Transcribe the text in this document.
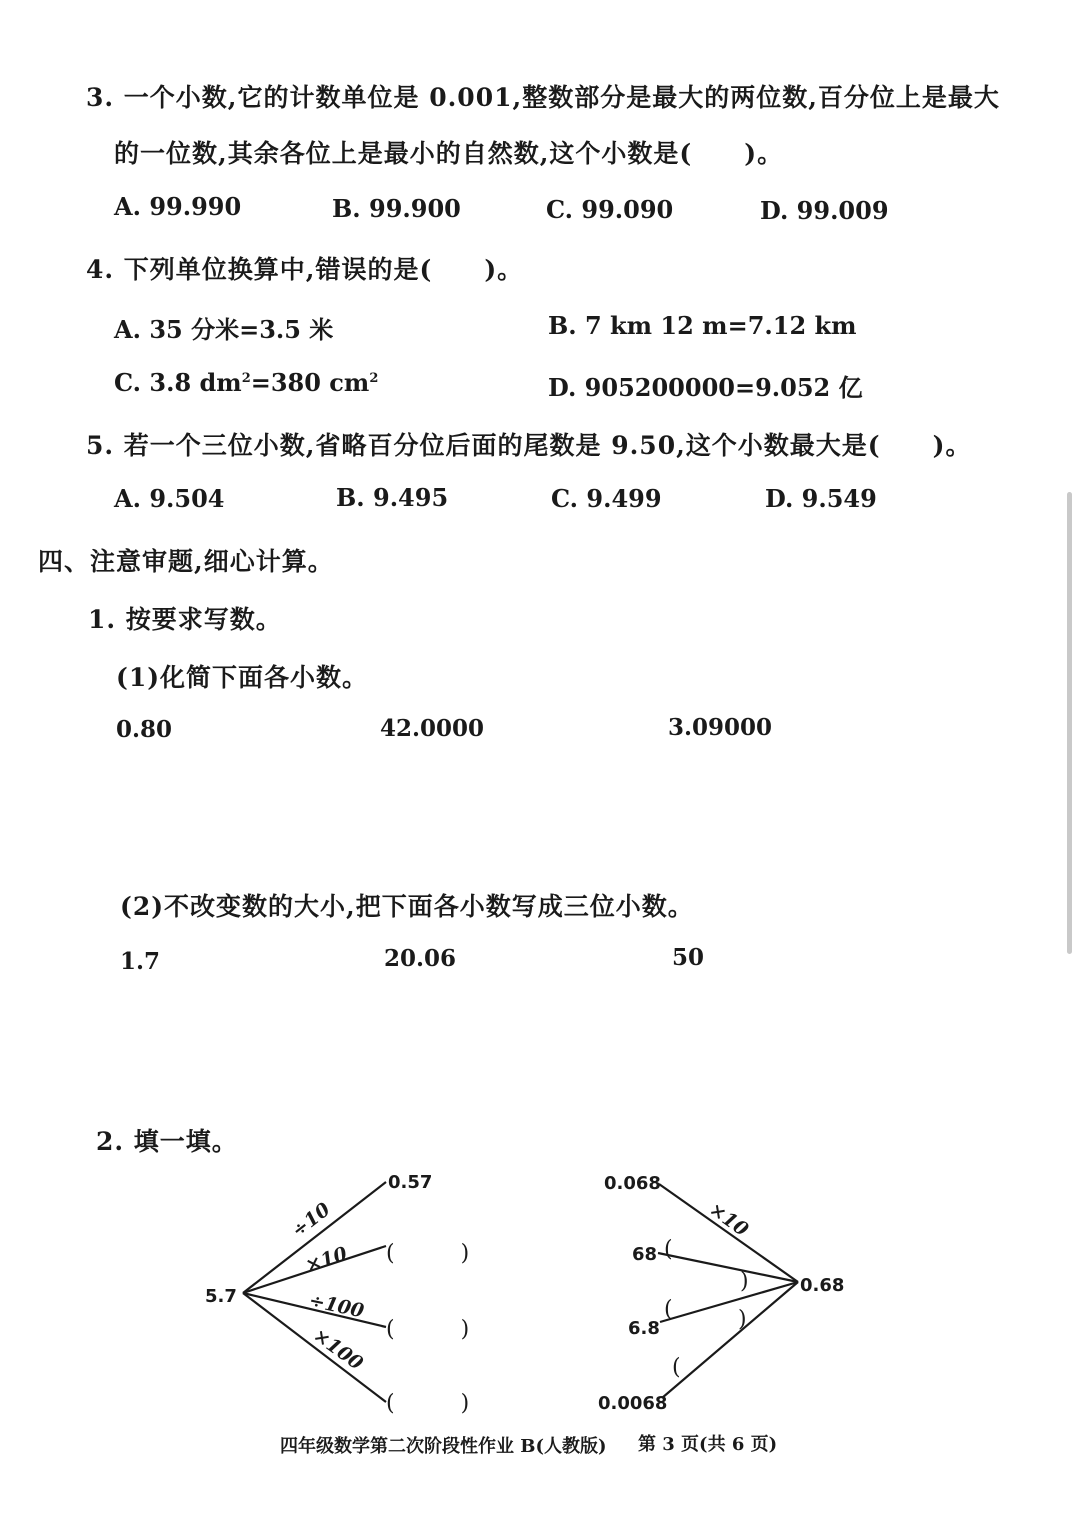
3. 一个小数,它的计数单位是 0.001,整数部分是最大的两位数,百分位上是最大
的一位数,其余各位上是最小的自然数,这个小数是(　　)。
A. 99.990	B. 99.900	C. 99.090	D. 99.009
4. 下列单位换算中,错误的是(　　)。
A. 35 分米=3.5 米	B. 7 km 12 m=7.12 km
C. 3.8 $dm^2=380$ $cm^2$	D. 905200000=9.052 亿
5. 若一个三位小数,省略百分位后面的尾数是 9.50,这个小数最大是(　　)。
A. 9.504	B. 9.495	C. 9.499	D. 9.549
四、注意审题,细心计算。
1. 按要求写数。
(1)化简下面各小数。
0.80	42.0000	3.09000
(2)不改变数的大小,把下面各小数写成三位小数。
1.7	20.06	50
2. 填一填。
5.7
0.57
÷10
×10
÷100
×100
(　　　)
(　　　)
(　　　)
0.068
68
6.8
0.0068
0.68
×10
(
)
(	)
(
四年级数学第二次阶段性作业 B(人教版) 第 3 页(共 6 页)
